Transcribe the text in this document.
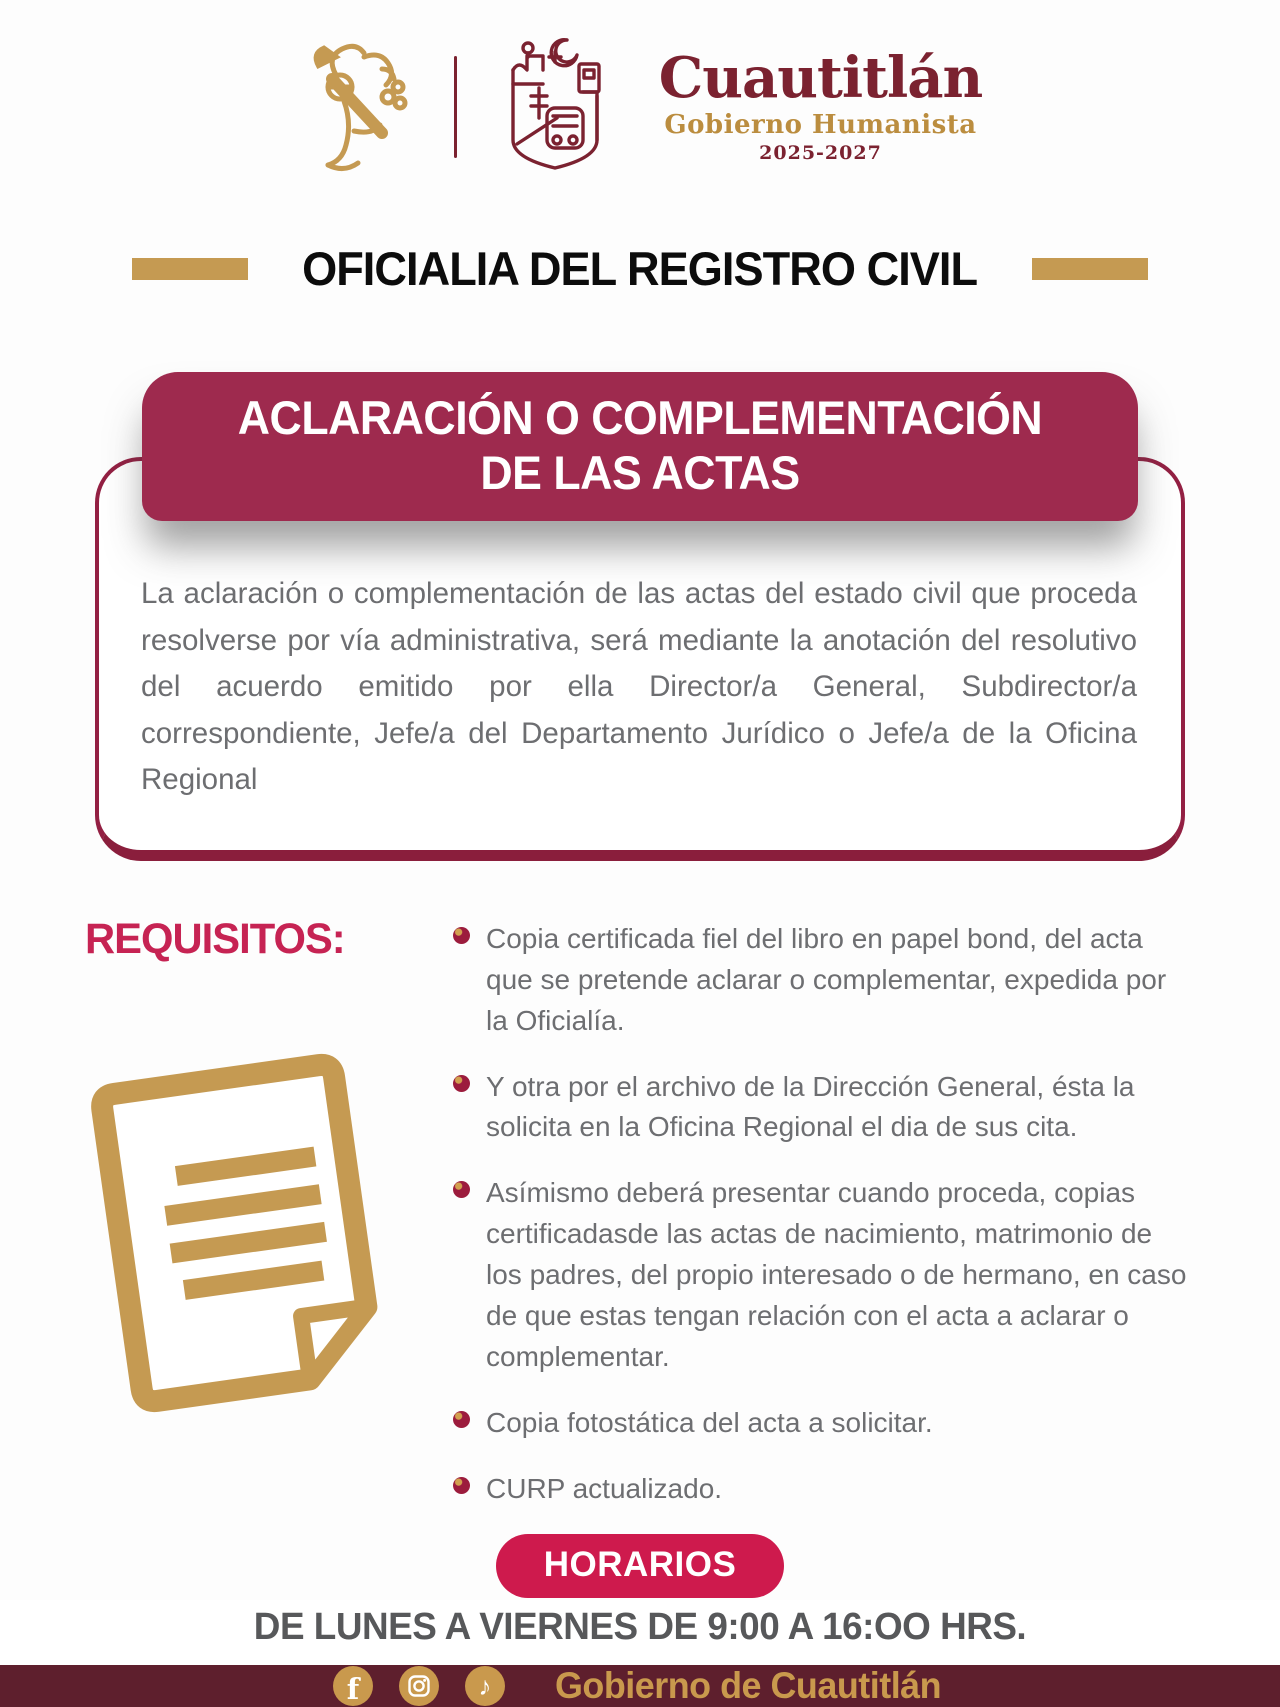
Cuautitlán
Gobierno Humanista
2025-2027
OFICIALIA DEL REGISTRO CIVIL
ACLARACIÓN O COMPLEMENTACIÓN
DE LAS ACTAS

La aclaración o complementación de las actas del estado civil que proceda resolverse por vía administrativa, será mediante la anotación del resolutivo del acuerdo emitido por ella Director/a General, Subdirector/a correspondiente, Jefe/a del Departamento Jurídico o Jefe/a de la Oficina Regional

REQUISITOS:	Copia certificada fiel del libro en papel bond, del acta que se pretende aclarar o complementar, expedida por la Oficialía.
Y otra por el archivo de la Dirección General, ésta la solicita en la Oficina Regional el dia de sus cita.
Asímismo deberá presentar cuando proceda, copias certificadasde las actas de nacimiento, matrimonio de los padres, del propio interesado o de hermano, en caso de que estas tengan relación con el acta a aclarar o complementar.
Copia fotostática del acta a solicitar.
CURP actualizado.
HORARIOS
DE LUNES A VIERNES DE 9:00 A 16:OO HRS.
f	♪ Gobierno de Cuautitlán
